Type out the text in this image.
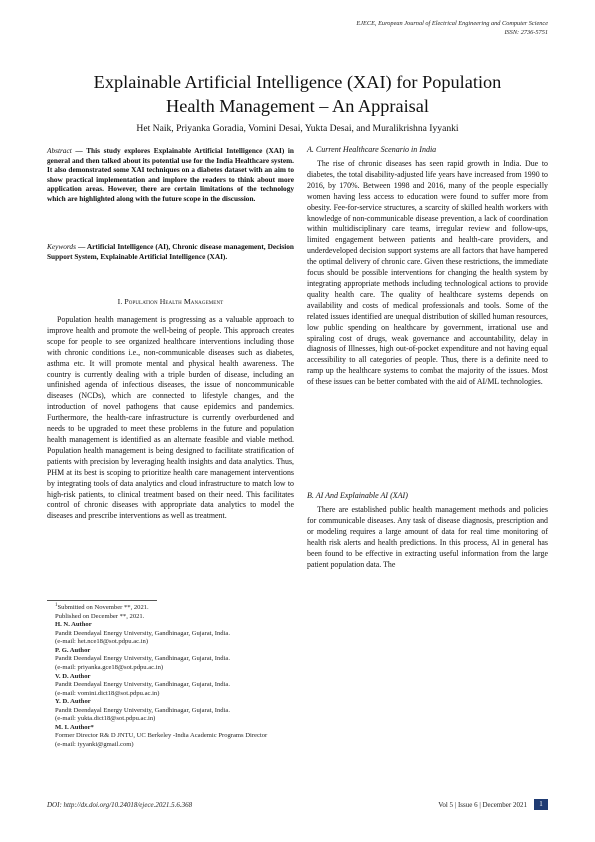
EJECE, European Journal of Electrical Engineering and Computer Science
ISSN: 2736-5751
Explainable Artificial Intelligence (XAI) for Population
Health Management – An Appraisal
Het Naik, Priyanka Goradia, Vomini Desai, Yukta Desai, and Muralikrishna Iyyanki
Abstract — This study explores Explainable Artificial Intelligence (XAI) in general and then talked about its potential use for the India Healthcare system. It also demonstrated some XAI techniques on a diabetes dataset with an aim to show practical implementation and implore the readers to think about more application areas. However, there are certain limitations of the technology which are highlighted along with the future scope in the discussion.
Keywords — Artificial Intelligence (AI), Chronic disease management, Decision Support System, Explainable Artificial Intelligence (XAI).
I. Population Health Management

Population health management is progressing as a valuable approach to improve health and promote the well-being of people. This approach creates scope for people to see organized healthcare interventions including those with chronic conditions i.e., non-communicable diseases such as diabetes, asthma etc. It will promote mental and physical health awareness. The country is currently dealing with a triple burden of disease, including an unfinished agenda of infectious diseases, the issue of noncommunicable diseases (NCDs), which are connected to lifestyle changes, and the introduction of novel pathogens that cause epidemics and pandemics. Furthermore, the health-care infrastructure is currently overburdened and needs to be upgraded to meet these problems in the future and population health management is identified as an alternate feasible and viable method. Population health management is being designed to facilitate stratification of patients with precision by leveraging health insights and data analytics. Thus, PHM at its best is scoping to prioritize health care management interventions by integrating tools of data analytics and cloud infrastructure to match low to high-risk patients, to clinical treatment based on their need. This facilitates control of chronic diseases with appropriate data analytics to model the diseases and prescribe interventions as well as treatment.

A. Current Healthcare Scenario in India

The rise of chronic diseases has seen rapid growth in India. Due to diabetes, the total disability-adjusted life years have increased from 1990 to 2016, by 170%. Between 1998 and 2016, many of the people especially women having less access to education were found to suffer more from obesity. Fee-for-service structures, a scarcity of skilled health workers with knowledge of non-communicable disease prevention, a lack of coordination within multidisciplinary care teams, irregular review and follow-ups, limited engagement between patients and health-care providers, and underdeveloped decision support systems are all factors that have hampered the optimal delivery of chronic care. Given these restrictions, the immediate focus should be possible interventions for changing the health system by integrating appropriate methods including technological actions to provide quality health care. The quality of healthcare systems depends on availability and costs of medical professionals and tools. Some of the related issues identified are unequal distribution of skilled human resources, low public spending on healthcare by government, irrational use and spiraling cost of drugs, weak governance and accountability, delay in diagnosis of Illnesses, high out-of-pocket expenditure and not having equal accessibility to all categories of people. Thus, there is a definite need to ramp up the healthcare systems to combat the majority of the issues. Most of these issues can be better combated with the aid of AI/ML technologies.

B. AI And Explainable AI (XAI)

There are established public health management methods and policies for communicable diseases. Any task of disease diagnosis, prescription and or modeling requires a large amount of data for real time monitoring of health risk alerts and health predictions. In this process, AI in general has been found to be effective in extracting useful information from the large patient population data. The

$^1$Submitted on November **, 2021.
Published on December **, 2021.
H. N. Author
Pandit Deendayal Energy University, Gandhinagar, Gujarat, India.
(e-mail: het.nce18@sot.pdpu.ac.in)
P. G. Author
Pandit Deendayal Energy University, Gandhinagar, Gujarat, India.
(e-mail: priyanka.gce18@sot.pdpu.ac.in)
V. D. Author
Pandit Deendayal Energy University, Gandhinagar, Gujarat, India.
(e-mail: vomini.dict18@sot.pdpu.ac.in)
Y. D. Author
Pandit Deendayal Energy University, Gandhinagar, Gujarat, India.
(e-mail: yukta.dict18@sot.pdpu.ac.in)
M. I. Author*
Former Director R& D JNTU, UC Berkeley -India Academic Programs Director
(e-mail: iyyanki@gmail.com)
DOI: http://dx.doi.org/10.24018/ejece.2021.5.6.368	Vol 5 | Issue 6 | December 2021	1
